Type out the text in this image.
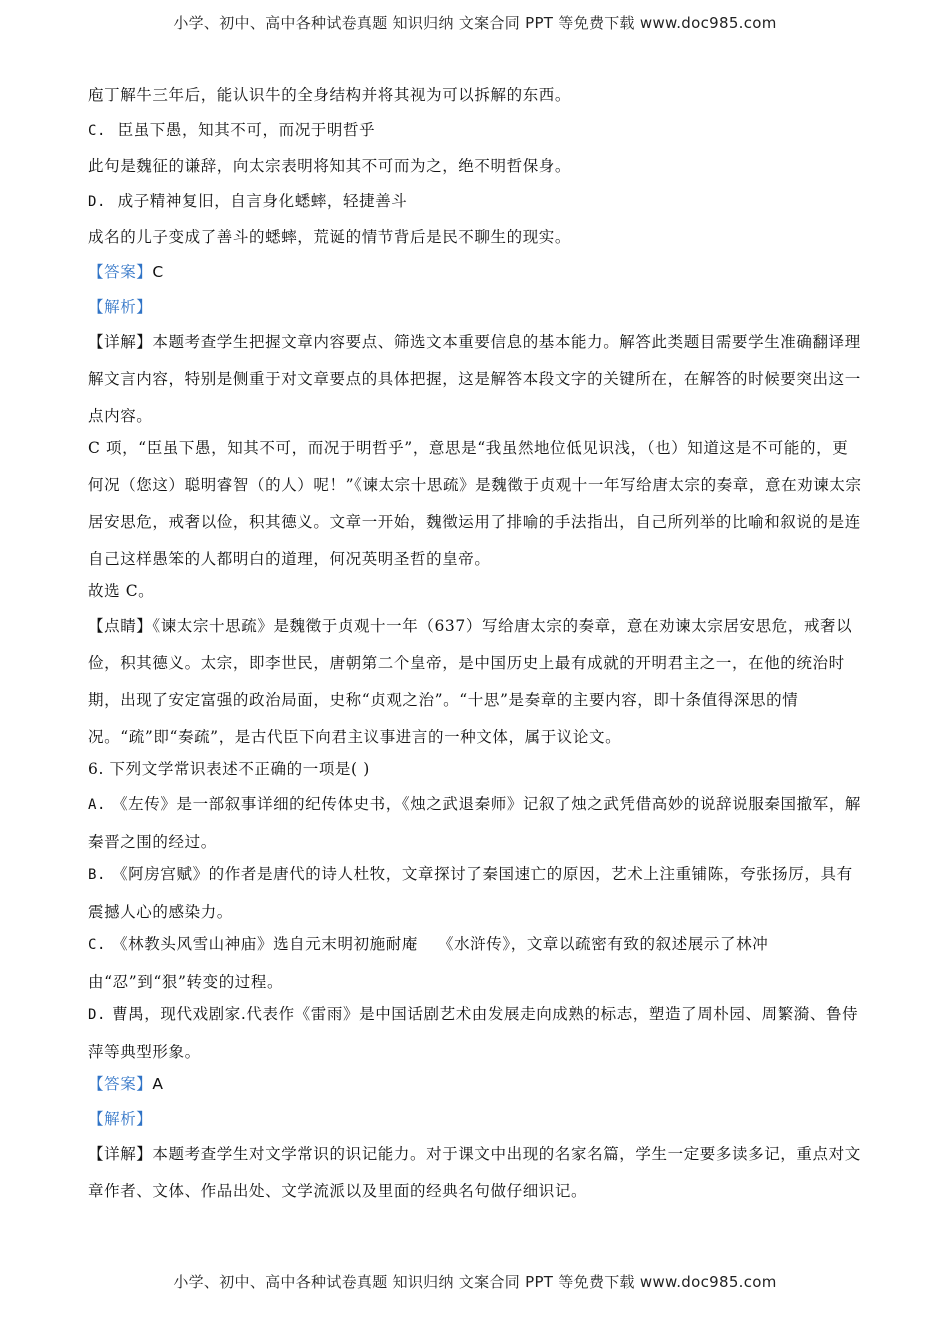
小学、初中、高中各种试卷真题 知识归纳 文案合同 PPT 等免费下载 www.doc985.com

庖丁解牛三年后，能认识牛的全身结构并将其视为可以拆解的东西。

C. 臣虽下愚，知其不可，而况于明哲乎

此句是魏征的谦辞，向太宗表明将知其不可而为之，绝不明哲保身。

D. 成子精神复旧，自言身化蟋蟀，轻捷善斗

成名的儿子变成了善斗的蟋蟀，荒诞的情节背后是民不聊生的现实。

【答案】C

【解析】

【详解】本题考查学生把握文章内容要点、筛选文本重要信息的基本能力。解答此类题目需要学生准确翻译理解文言内容，特别是侧重于对文章要点的具体把握，这是解答本段文字的关键所在，在解答的时候要突出这一点内容。

C 项，“臣虽下愚，知其不可，而况于明哲乎”，意思是“我虽然地位低见识浅，（也）知道这是不可能的，更何况（您这）聪明睿智（的人）呢！”《谏太宗十思疏》是魏徵于贞观十一年写给唐太宗的奏章，意在劝谏太宗居安思危，戒奢以俭，积其德义。文章一开始，魏徵运用了排喻的手法指出，自己所列举的比喻和叙说的是连自己这样愚笨的人都明白的道理，何况英明圣哲的皇帝。

故选 C。

【点睛】《谏太宗十思疏》是魏徵于贞观十一年（637）写给唐太宗的奏章，意在劝谏太宗居安思危，戒奢以俭，积其德义。太宗，即李世民，唐朝第二个皇帝，是中国历史上最有成就的开明君主之一，在他的统治时期，出现了安定富强的政治局面，史称“贞观之治”。“十思”是奏章的主要内容，即十条值得深思的情况。“疏”即“奏疏”，是古代臣下向君主议事进言的一种文体，属于议论文。

6. 下列文学常识表述不正确的一项是( )

A. 《左传》是一部叙事详细的纪传体史书，《烛之武退秦师》记叙了烛之武凭借高妙的说辞说服秦国撤军，解秦晋之围的经过。

B. 《阿房宫赋》的作者是唐代的诗人杜牧，文章探讨了秦国速亡的原因，艺术上注重铺陈，夸张扬厉，具有震撼人心的感染力。

C. 《林教头风雪山神庙》选自元末明初施耐庵 《水浒传》，文章以疏密有致的叙述展示了林冲
由“忍”到“狠”转变的过程。

D. 曹禺，现代戏剧家.代表作《雷雨》是中国话剧艺术由发展走向成熟的标志，塑造了周朴园、周繁漪、鲁侍萍等典型形象。

【答案】A

【解析】

【详解】本题考查学生对文学常识的识记能力。对于课文中出现的名家名篇，学生一定要多读多记，重点对文章作者、文体、作品出处、文学流派以及里面的经典名句做仔细识记。

小学、初中、高中各种试卷真题 知识归纳 文案合同 PPT 等免费下载 www.doc985.com
